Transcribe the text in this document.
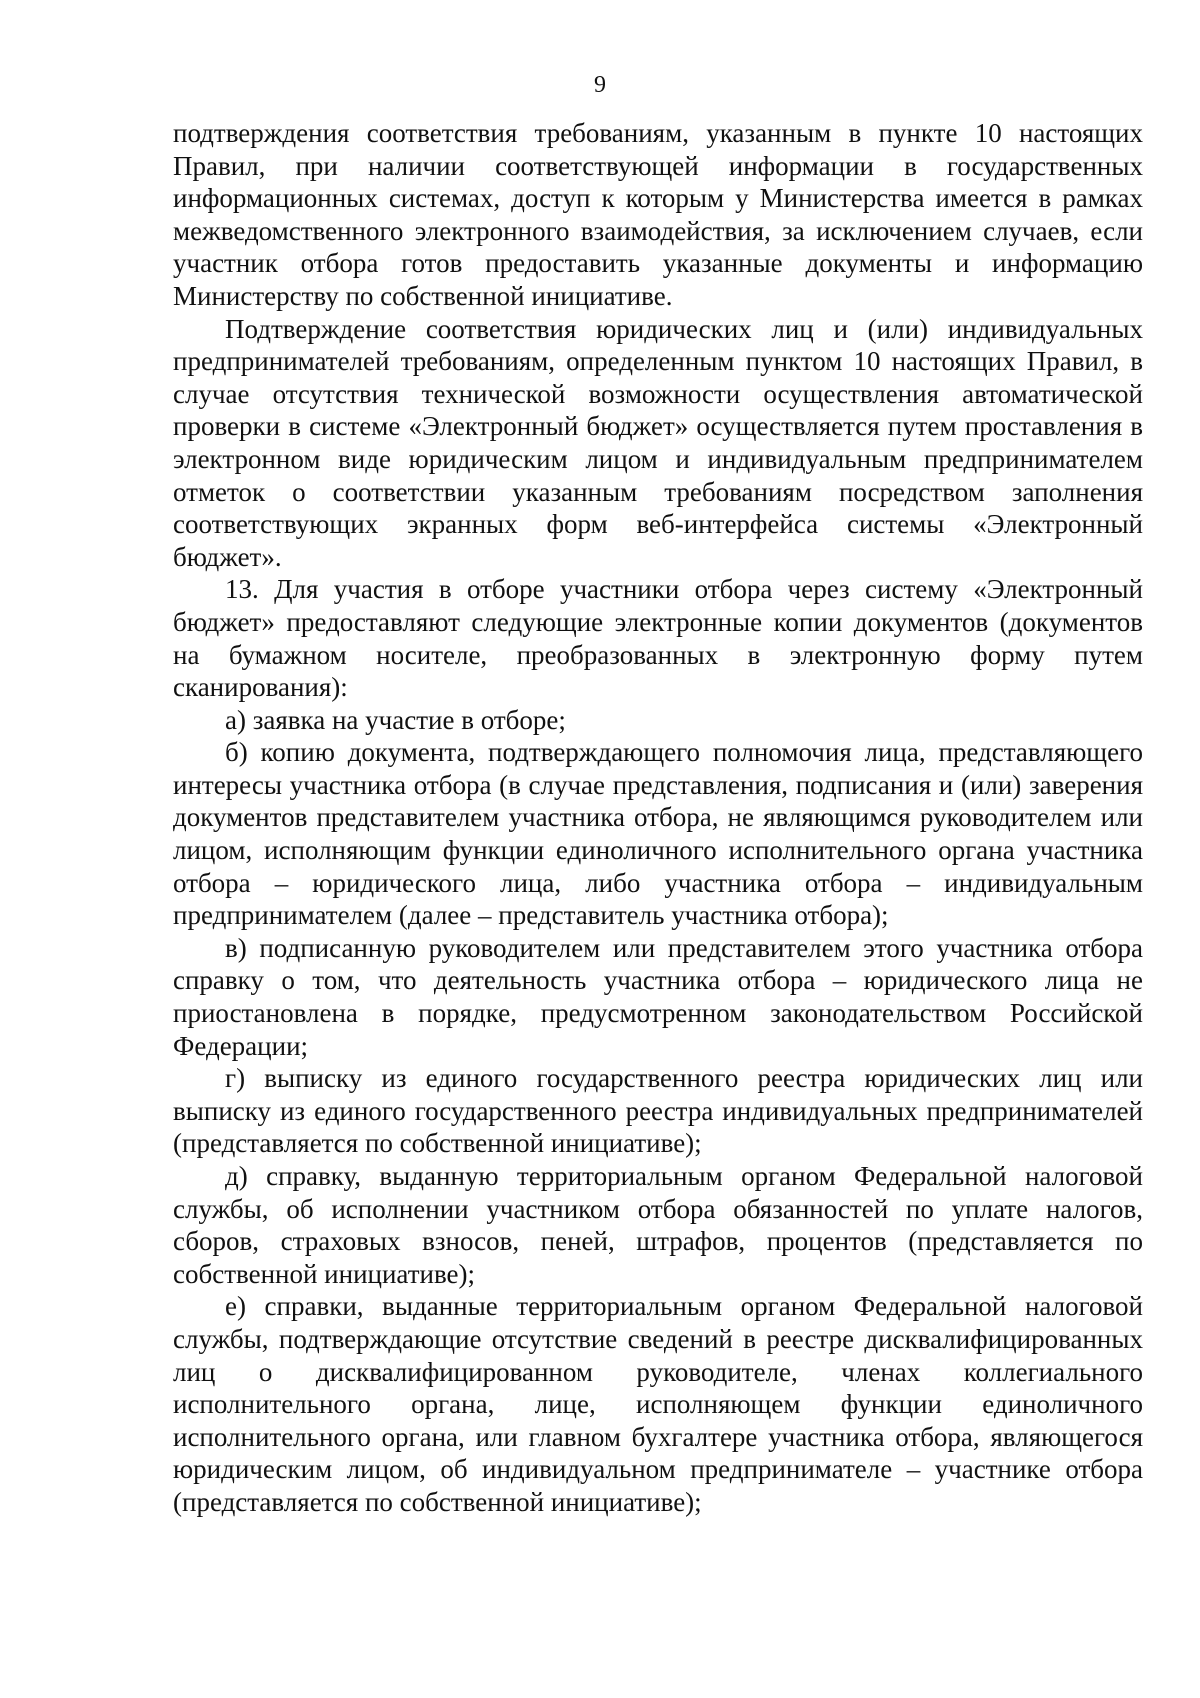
9

подтверждения соответствия требованиям, указанным в пункте 10 настоящих Правил, при наличии соответствующей информации в государственных информационных системах, доступ к которым у Министерства имеется в рамках межведомственного электронного взаимодействия, за исключением случаев, если участник отбора готов предоставить указанные документы и информацию Министерству по собственной инициативе.

Подтверждение соответствия юридических лиц и (или) индивидуальных предпринимателей требованиям, определенным пунктом 10 настоящих Правил, в случае отсутствия технической возможности осуществления автоматической проверки в системе «Электронный бюджет» осуществляется путем проставления в электронном виде юридическим лицом и индивидуальным предпринимателем отметок о соответствии указанным требованиям посредством заполнения соответствующих экранных форм веб-интерфейса системы «Электронный бюджет».

13. Для участия в отборе участники отбора через систему «Электронный бюджет» предоставляют следующие электронные копии документов (документов на бумажном носителе, преобразованных в электронную форму путем сканирования):

а) заявка на участие в отборе;

б) копию документа, подтверждающего полномочия лица, представляющего интересы участника отбора (в случае представления, подписания и (или) заверения документов представителем участника отбора, не являющимся руководителем или лицом, исполняющим функции единоличного исполнительного органа участника отбора – юридического лица, либо участника отбора – индивидуальным предпринимателем (далее – представитель участника отбора);

в) подписанную руководителем или представителем этого участника отбора справку о том, что деятельность участника отбора – юридического лица не приостановлена в порядке, предусмотренном законодательством Российской Федерации;

г) выписку из единого государственного реестра юридических лиц или выписку из единого государственного реестра индивидуальных предпринимателей (представляется по собственной инициативе);

д) справку, выданную территориальным органом Федеральной налоговой службы, об исполнении участником отбора обязанностей по уплате налогов, сборов, страховых взносов, пеней, штрафов, процентов (представляется по собственной инициативе);

е) справки, выданные территориальным органом Федеральной налоговой службы, подтверждающие отсутствие сведений в реестре дисквалифицированных лиц о дисквалифицированном руководителе, членах коллегиального исполнительного органа, лице, исполняющем функции единоличного исполнительного органа, или главном бухгалтере участника отбора, являющегося юридическим лицом, об индивидуальном предпринимателе – участнике отбора (представляется по собственной инициативе);
